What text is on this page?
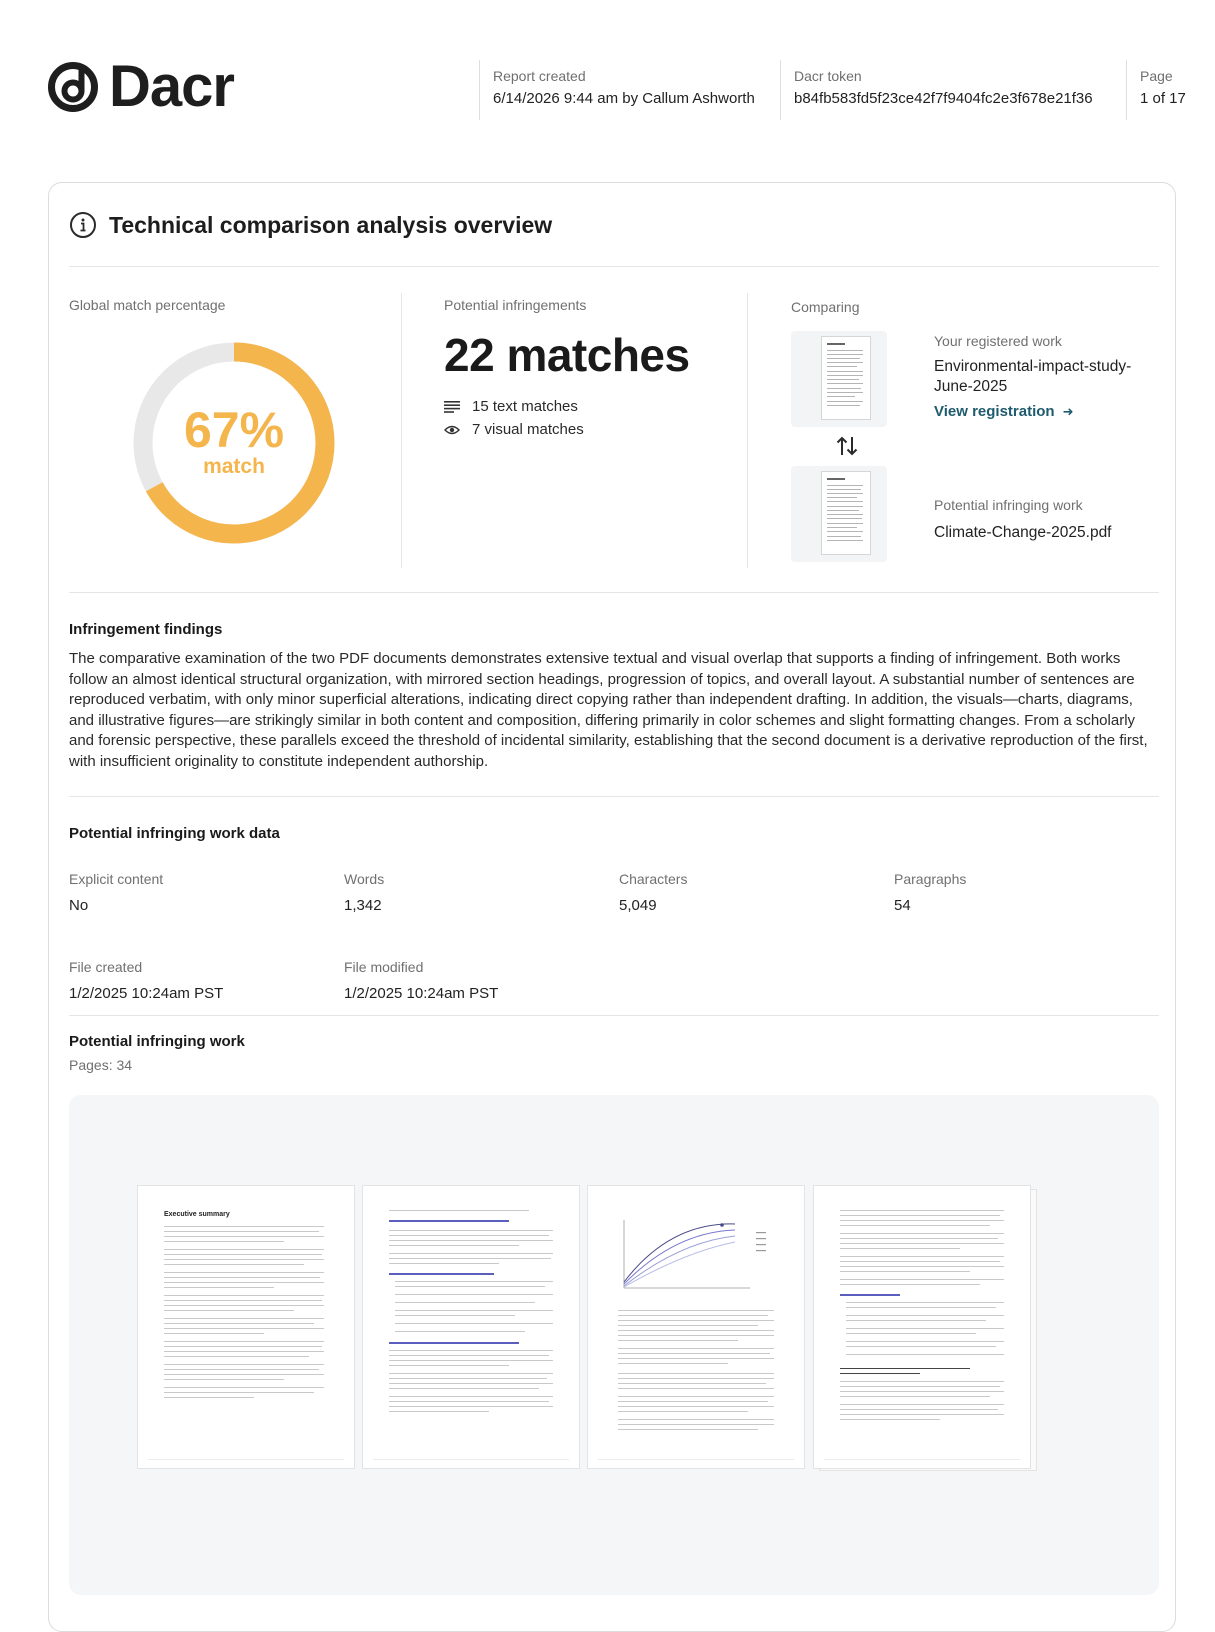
Dacr	Report created
6/14/2026 9:44 am by Callum Ashworth
Dacr token
b84fb583fd5f23ce42f7f9404fc2e3f678e21f36
Page
1 of 17
Technical comparison analysis overview
Global match percentage
67%
match
Potential infringements
22 matches
15 text matches
7 visual matches
Comparing
Your registered work
Environmental-impact-study-June-2025
View registration ➜
Potential infringing work
Climate-Change-2025.pdf
Infringement findings
The comparative examination of the two PDF documents demonstrates extensive textual and visual overlap that supports a finding of infringement. Both works follow an almost identical structural organization, with mirrored section headings, progression of topics, and overall layout. A substantial number of sentences are reproduced verbatim, with only minor superficial alterations, indicating direct copying rather than independent drafting. In addition, the visuals—charts, diagrams, and illustrative figures—are strikingly similar in both content and composition, differing primarily in color schemes and slight formatting changes. From a scholarly and forensic perspective, these parallels exceed the threshold of incidental similarity, establishing that the second document is a derivative reproduction of the first, with insufficient originality to constitute independent authorship.
Potential infringing work data
Explicit content
No
Words
1,342
Characters
5,049
Paragraphs
54
File created
1/2/2025 10:24am PST
File modified
1/2/2025 10:24am PST
Potential infringing work
Pages: 34
Executive summary
